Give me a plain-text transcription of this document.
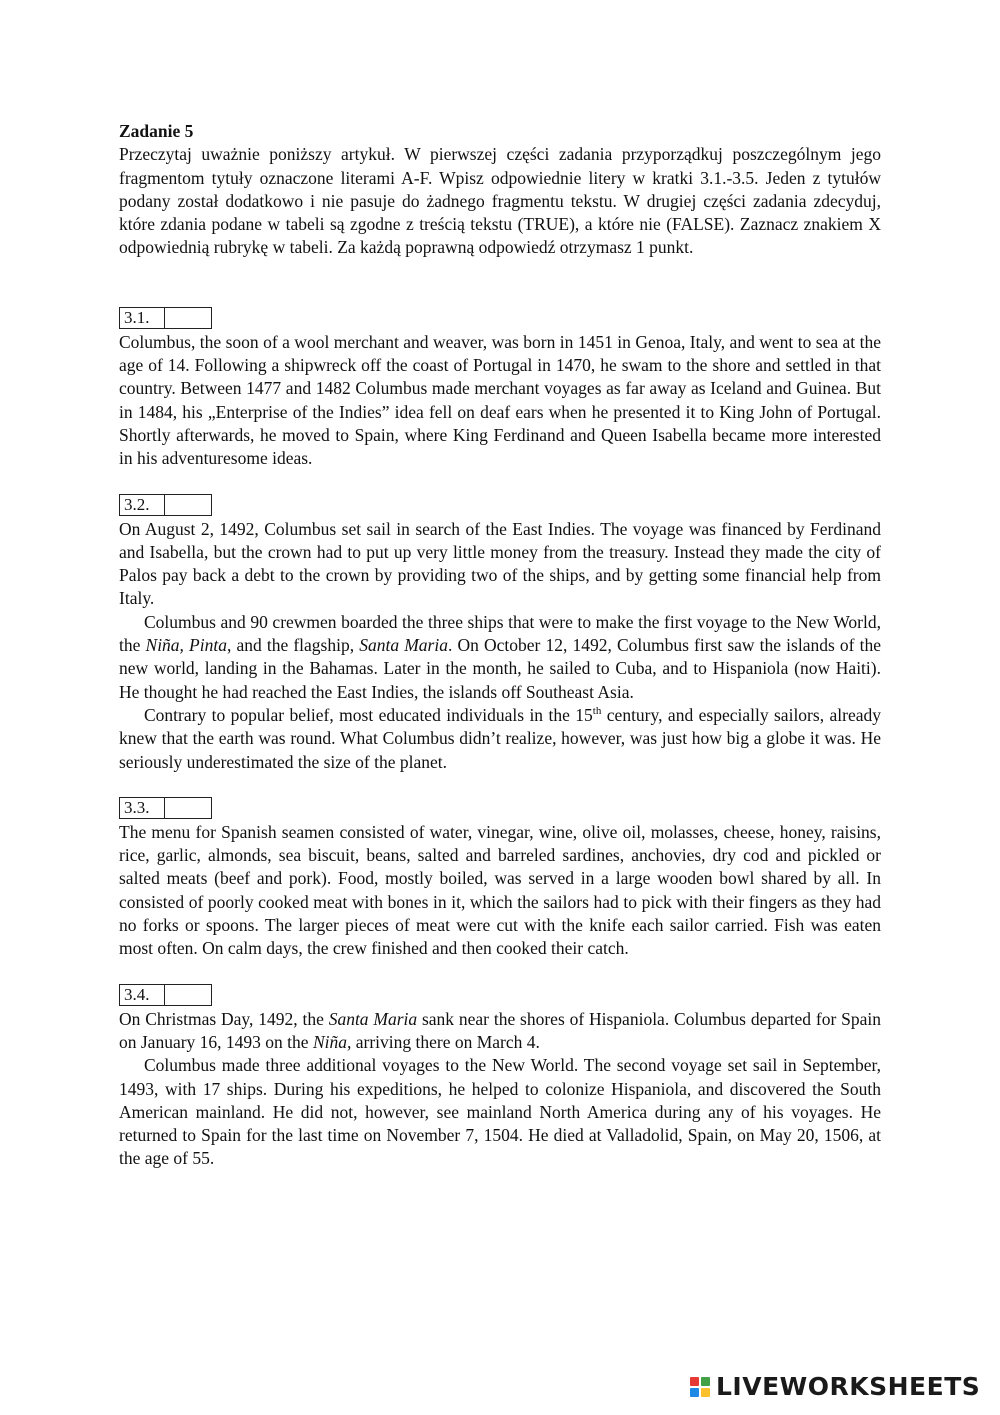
Zadanie 5

Przeczytaj uważnie poniższy artykuł. W pierwszej części zadania przyporządkuj poszczególnym jego fragmentom tytuły oznaczone literami A-F. Wpisz odpowiednie litery w kratki 3.1.-3.5. Jeden z tytułów podany został dodatkowo i nie pasuje do żadnego fragmentu tekstu. W drugiej części zadania zdecyduj, które zdania podane w tabeli są zgodne z treścią tekstu (TRUE), a które nie (FALSE). Zaznacz znakiem X odpowiednią rubrykę w tabeli. Za każdą poprawną odpowiedź otrzymasz 1 punkt.

3.1.

Columbus, the soon of a wool merchant and weaver, was born in 1451 in Genoa, Italy, and went to sea at the age of 14. Following a shipwreck off the coast of Portugal in 1470, he swam to the shore and settled in that country. Between 1477 and 1482 Columbus made merchant voyages as far away as Iceland and Guinea. But in 1484, his „Enterprise of the Indies” idea fell on deaf ears when he presented it to King John of Portugal. Shortly afterwards, he moved to Spain, where King Ferdinand and Queen Isabella became more interested in his adventuresome ideas.

3.2.

On August 2, 1492, Columbus set sail in search of the East Indies. The voyage was financed by Ferdinand and Isabella, but the crown had to put up very little money from the treasury. Instead they made the city of Palos pay back a debt to the crown by providing two of the ships, and by getting some financial help from Italy.

Columbus and 90 crewmen boarded the three ships that were to make the first voyage to the New World, the Niña, Pinta, and the flagship, Santa Maria. On October 12, 1492, Columbus first saw the islands of the new world, landing in the Bahamas. Later in the month, he sailed to Cuba, and to Hispaniola (now Haiti). He thought he had reached the East Indies, the islands off Southeast Asia.

Contrary to popular belief, most educated individuals in the 15th century, and especially sailors, already knew that the earth was round. What Columbus didn’t realize, however, was just how big a globe it was. He seriously underestimated the size of the planet.

3.3.

The menu for Spanish seamen consisted of water, vinegar, wine, olive oil, molasses, cheese, honey, raisins, rice, garlic, almonds, sea biscuit, beans, salted and barreled sardines, anchovies, dry cod and pickled or salted meats (beef and pork). Food, mostly boiled, was served in a large wooden bowl shared by all. In consisted of poorly cooked meat with bones in it, which the sailors had to pick with their fingers as they had no forks or spoons. The larger pieces of meat were cut with the knife each sailor carried. Fish was eaten most often. On calm days, the crew finished and then cooked their catch.

3.4.

On Christmas Day, 1492, the Santa Maria sank near the shores of Hispaniola. Columbus departed for Spain on January 16, 1493 on the Niña, arriving there on March 4.

Columbus made three additional voyages to the New World. The second voyage set sail in September, 1493, with 17 ships. During his expeditions, he helped to colonize Hispaniola, and discovered the South American mainland. He did not, however, see mainland North America during any of his voyages. He returned to Spain for the last time on November 7, 1504. He died at Valladolid, Spain, on May 20, 1506, at the age of 55.

LIVEWORKSHEETS
